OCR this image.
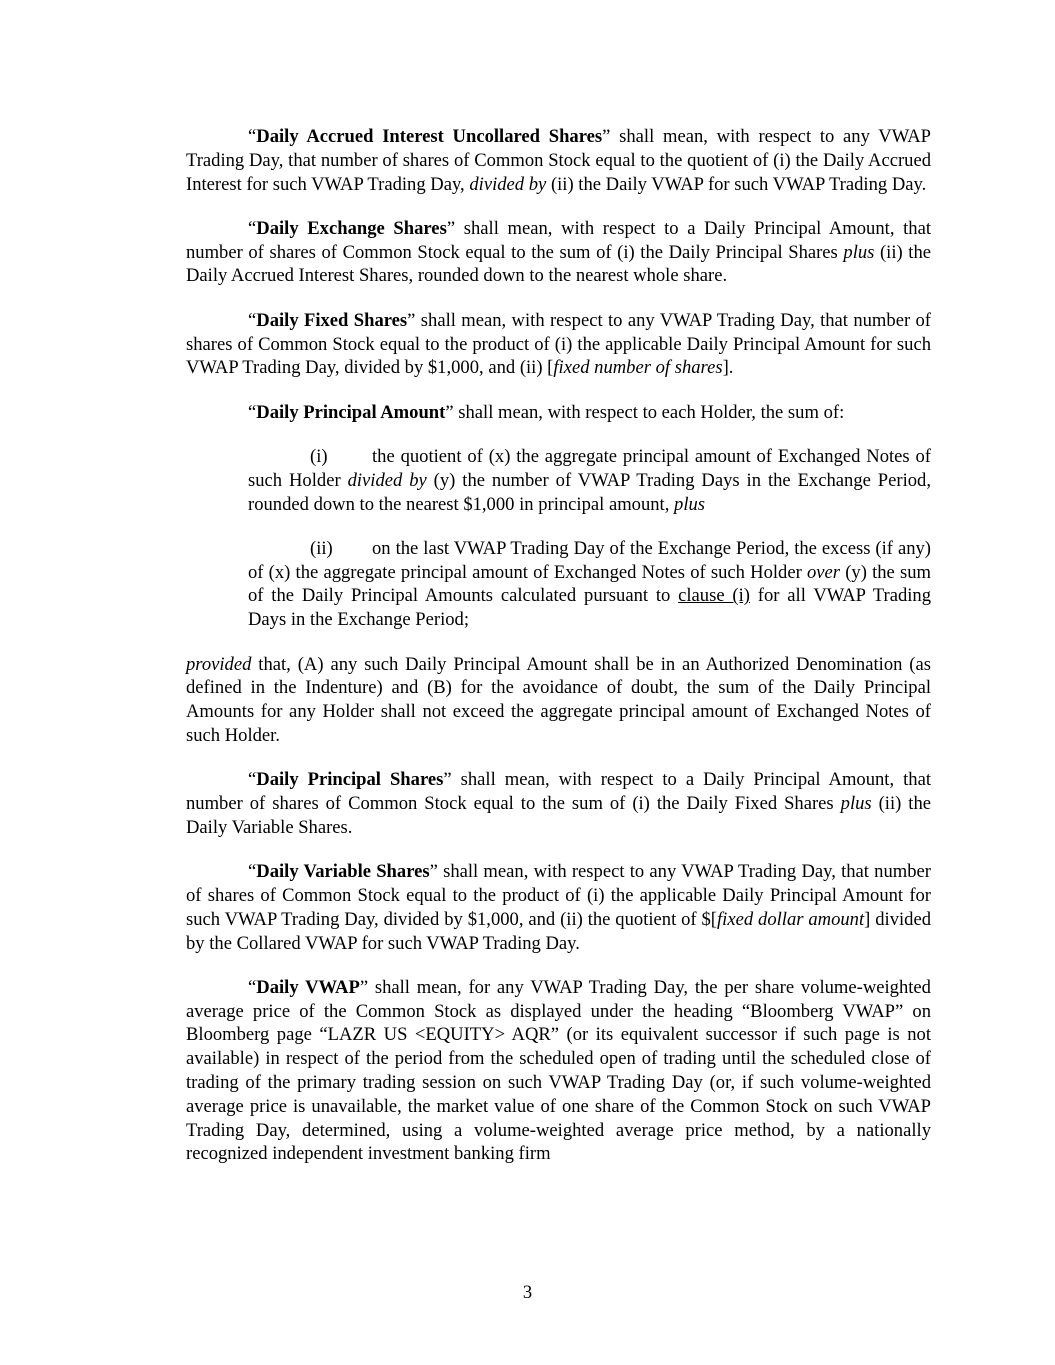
“Daily Accrued Interest Uncollared Shares” shall mean, with respect to any VWAP Trading Day, that number of shares of Common Stock equal to the quotient of (i) the Daily Accrued Interest for such VWAP Trading Day, divided by (ii) the Daily VWAP for such VWAP Trading Day.

“Daily Exchange Shares” shall mean, with respect to a Daily Principal Amount, that number of shares of Common Stock equal to the sum of (i) the Daily Principal Shares plus (ii) the Daily Accrued Interest Shares, rounded down to the nearest whole share.

“Daily Fixed Shares” shall mean, with respect to any VWAP Trading Day, that number of shares of Common Stock equal to the product of (i) the applicable Daily Principal Amount for such VWAP Trading Day, divided by $1,000, and (ii) [fixed number of shares].

“Daily Principal Amount” shall mean, with respect to each Holder, the sum of:

(i) the quotient of (x) the aggregate principal amount of Exchanged Notes of such Holder divided by (y) the number of VWAP Trading Days in the Exchange Period, rounded down to the nearest $1,000 in principal amount, plus

(ii) on the last VWAP Trading Day of the Exchange Period, the excess (if any) of (x) the aggregate principal amount of Exchanged Notes of such Holder over (y) the sum of the Daily Principal Amounts calculated pursuant to clause (i) for all VWAP Trading Days in the Exchange Period;

provided that, (A) any such Daily Principal Amount shall be in an Authorized Denomination (as defined in the Indenture) and (B) for the avoidance of doubt, the sum of the Daily Principal Amounts for any Holder shall not exceed the aggregate principal amount of Exchanged Notes of such Holder.

“Daily Principal Shares” shall mean, with respect to a Daily Principal Amount, that number of shares of Common Stock equal to the sum of (i) the Daily Fixed Shares plus (ii) the Daily Variable Shares.

“Daily Variable Shares” shall mean, with respect to any VWAP Trading Day, that number of shares of Common Stock equal to the product of (i) the applicable Daily Principal Amount for such VWAP Trading Day, divided by $1,000, and (ii) the quotient of $[fixed dollar amount] divided by the Collared VWAP for such VWAP Trading Day.

“Daily VWAP” shall mean, for any VWAP Trading Day, the per share volume-weighted average price of the Common Stock as displayed under the heading “Bloomberg VWAP” on Bloomberg page “LAZR US <EQUITY> AQR” (or its equivalent successor if such page is not available) in respect of the period from the scheduled open of trading until the scheduled close of trading of the primary trading session on such VWAP Trading Day (or, if such volume-weighted average price is unavailable, the market value of one share of the Common Stock on such VWAP Trading Day, determined, using a volume-weighted average price method, by a nationally recognized independent investment banking firm

3
